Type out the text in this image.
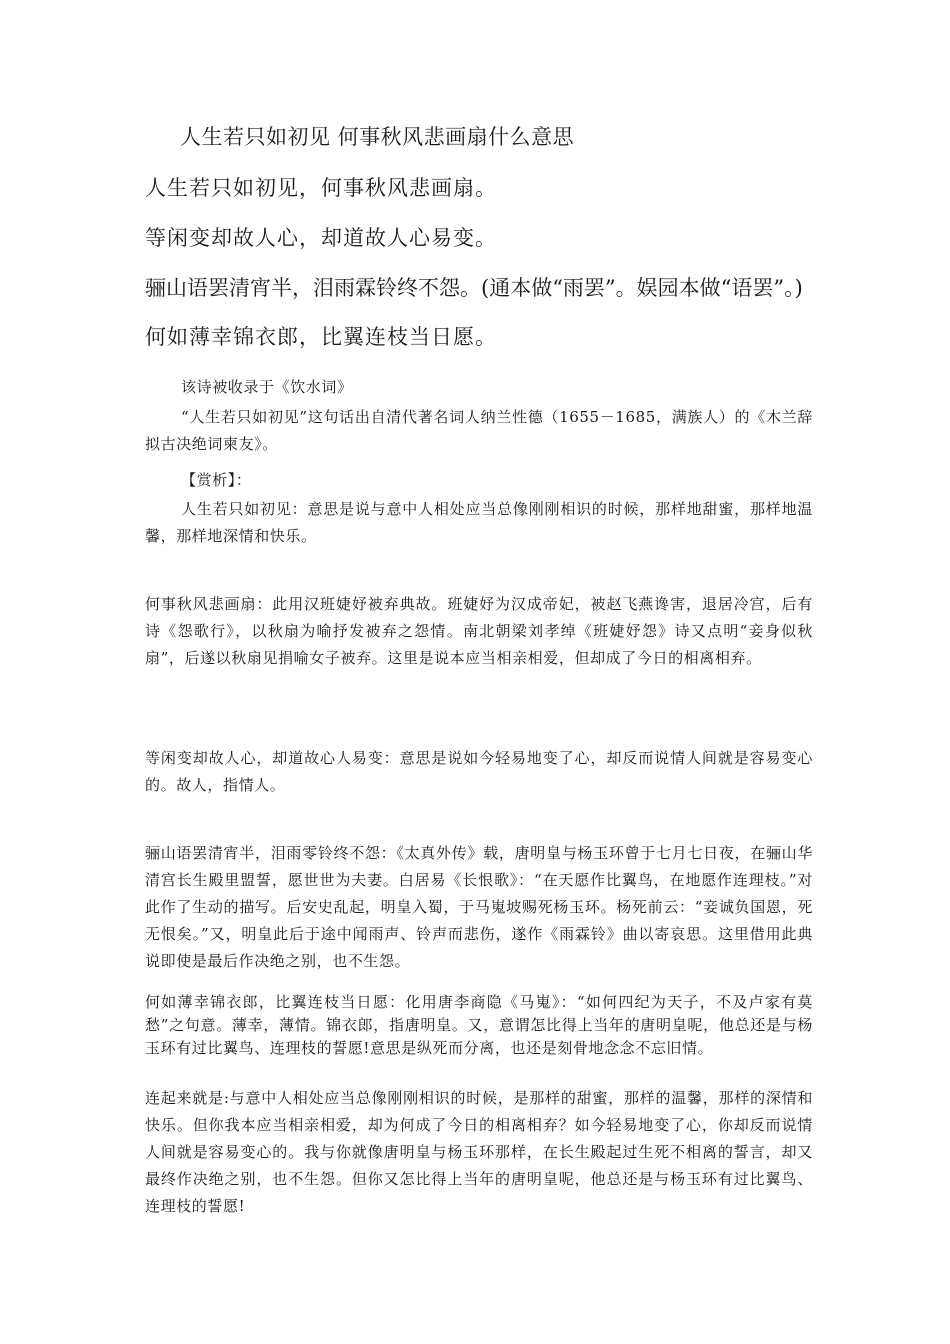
人生若只如初见 何事秋风悲画扇什么意思
人生若只如初见，何事秋风悲画扇。
等闲变却故人心，却道故人心易变。
骊山语罢清宵半，泪雨霖铃终不怨。(通本做“雨罢”。娱园本做“语罢”。)
何如薄幸锦衣郎，比翼连枝当日愿。

该诗被收录于《饮水词》

“人生若只如初见”这句话出自清代著名词人纳兰性德（1655－1685，满族人）的《木兰辞 拟古决绝词柬友》。

【赏析】：

人生若只如初见：意思是说与意中人相处应当总像刚刚相识的时候，那样地甜蜜，那样地温馨，那样地深情和快乐。

何事秋风悲画扇：此用汉班婕妤被弃典故。班婕妤为汉成帝妃，被赵飞燕谗害，退居冷宫，后有诗《怨歌行》，以秋扇为喻抒发被弃之怨情。南北朝梁刘孝绰《班婕妤怨》诗又点明“妾身似秋扇”，后遂以秋扇见捐喻女子被弃。这里是说本应当相亲相爱，但却成了今日的相离相弃。

等闲变却故人心，却道故心人易变：意思是说如今轻易地变了心，却反而说情人间就是容易变心的。故人，指情人。

骊山语罢清宵半，泪雨零铃终不怨：《太真外传》载，唐明皇与杨玉环曾于七月七日夜，在骊山华清宫长生殿里盟誓，愿世世为夫妻。白居易《长恨歌》：“在天愿作比翼鸟，在地愿作连理枝。”对此作了生动的描写。后安史乱起，明皇入蜀，于马嵬坡赐死杨玉环。杨死前云：“妾诚负国恩，死无恨矣。”又，明皇此后于途中闻雨声、铃声而悲伤，遂作《雨霖铃》曲以寄哀思。这里借用此典说即使是最后作决绝之别，也不生怨。

何如薄幸锦衣郎，比翼连枝当日愿：化用唐李商隐《马嵬》：“如何四纪为天子，不及卢家有莫愁”之句意。薄幸，薄情。锦衣郎，指唐明皇。又，意谓怎比得上当年的唐明皇呢，他总还是与杨玉环有过比翼鸟、连理枝的誓愿!意思是纵死而分离，也还是刻骨地念念不忘旧情。

连起来就是:与意中人相处应当总像刚刚相识的时候，是那样的甜蜜，那样的温馨，那样的深情和快乐。但你我本应当相亲相爱，却为何成了今日的相离相弃？如今轻易地变了心，你却反而说情人间就是容易变心的。我与你就像唐明皇与杨玉环那样，在长生殿起过生死不相离的誓言，却又最终作决绝之别，也不生怨。但你又怎比得上当年的唐明皇呢，他总还是与杨玉环有过比翼鸟、连理枝的誓愿!
